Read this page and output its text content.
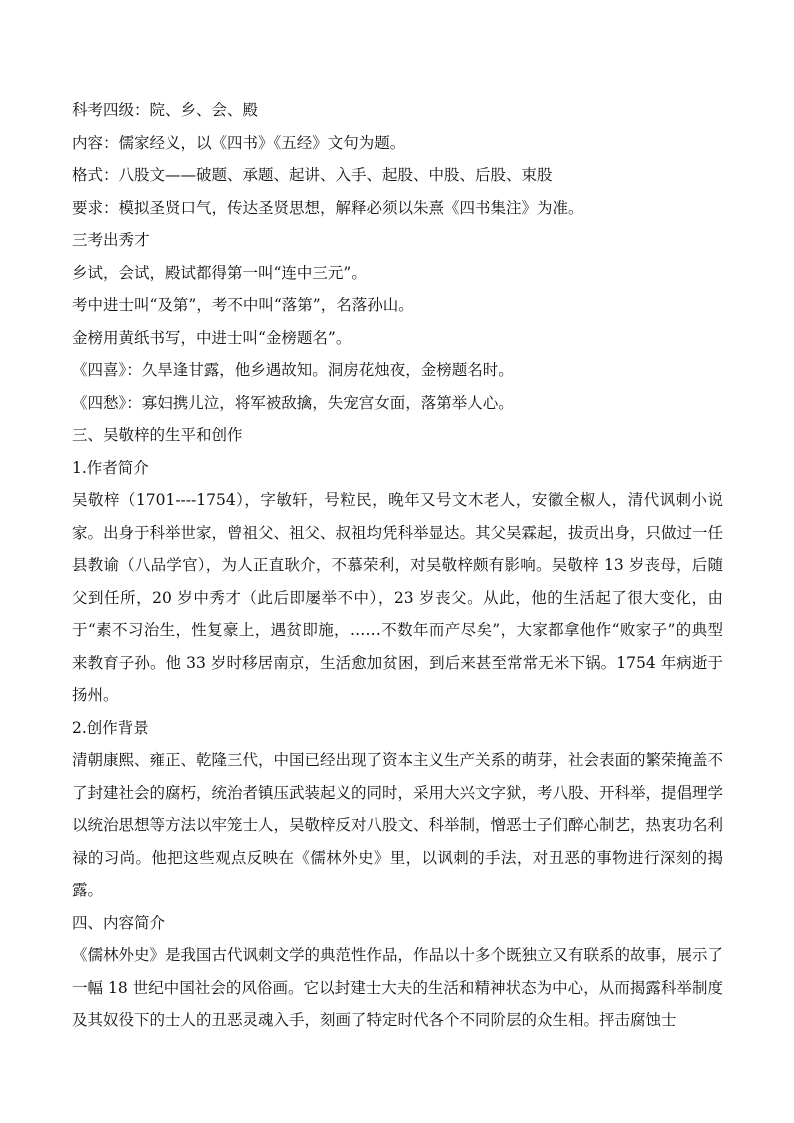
科考四级：院、乡、会、殿
内容：儒家经义，以《四书》《五经》文句为题。
格式：八股文——破题、承题、起讲、入手、起股、中股、后股、束股
要求：模拟圣贤口气，传达圣贤思想，解释必须以朱熹《四书集注》为准。
三考出秀才
乡试，会试，殿试都得第一叫“连中三元”。
考中进士叫“及第”，考不中叫“落第”，名落孙山。
金榜用黄纸书写，中进士叫“金榜题名”。
《四喜》：久旱逢甘露，他乡遇故知。洞房花烛夜，金榜题名时。
《四愁》：寡妇携儿泣，将军被敌擒，失宠宫女面，落第举人心。
三、吴敬梓的生平和创作
1.作者简介

吴敬梓（1701----1754），字敏轩，号粒民，晚年又号文木老人，安徽全椒人，清代讽刺小说家。出身于科举世家，曾祖父、祖父、叔祖均凭科举显达。其父吴霖起，拔贡出身，只做过一任县教谕（八品学官），为人正直耿介，不慕荣利，对吴敬梓颇有影响。吴敬梓 13 岁丧母，后随父到任所，20 岁中秀才（此后即屡举不中），23 岁丧父。从此，他的生活起了很大变化，由于“素不习治生，性复豪上，遇贫即施，……不数年而产尽矣”，大家都拿他作“败家子”的典型来教育子孙。他 33 岁时移居南京，生活愈加贫困，到后来甚至常常无米下锅。1754 年病逝于扬州。

2.创作背景

清朝康熙、雍正、乾隆三代，中国已经出现了资本主义生产关系的萌芽，社会表面的繁荣掩盖不了封建社会的腐朽，统治者镇压武装起义的同时，采用大兴文字狱，考八股、开科举，提倡理学以统治思想等方法以牢笼士人，吴敬梓反对八股文、科举制，憎恶士子们醉心制艺，热衷功名利禄的习尚。他把这些观点反映在《儒林外史》里，以讽刺的手法，对丑恶的事物进行深刻的揭露。

四、内容简介

《儒林外史》是我国古代讽刺文学的典范性作品，作品以十多个既独立又有联系的故事，展示了一幅 18 世纪中国社会的风俗画。它以封建士大夫的生活和精神状态为中心，从而揭露科举制度及其奴役下的士人的丑恶灵魂入手，刻画了特定时代各个不同阶层的众生相。抨击腐蚀士
